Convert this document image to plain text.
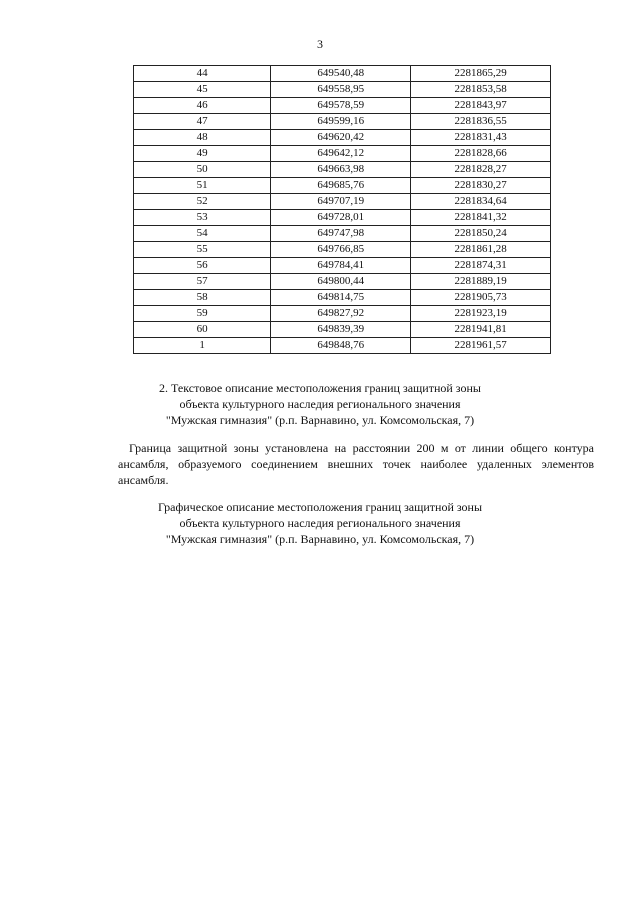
3
44	649540,48	2281865,29
45	649558,95	2281853,58
46	649578,59	2281843,97
47	649599,16	2281836,55
48	649620,42	2281831,43
49	649642,12	2281828,66
50	649663,98	2281828,27
51	649685,76	2281830,27
52	649707,19	2281834,64
53	649728,01	2281841,32
54	649747,98	2281850,24
55	649766,85	2281861,28
56	649784,41	2281874,31
57	649800,44	2281889,19
58	649814,75	2281905,73
59	649827,92	2281923,19
60	649839,39	2281941,81
1	649848,76	2281961,57
2. Текстовое описание местоположения границ защитной зоны
объекта культурного наследия регионального значения
"Мужская гимназия" (р.п. Варнавино, ул. Комсомольская, 7)

Граница защитной зоны установлена на расстоянии 200 м от линии общего контура ансамбля, образуемого соединением внешних точек наиболее удаленных элементов ансамбля.

Графическое описание местоположения границ защитной зоны
объекта культурного наследия регионального значения
"Мужская гимназия" (р.п. Варнавино, ул. Комсомольская, 7)
